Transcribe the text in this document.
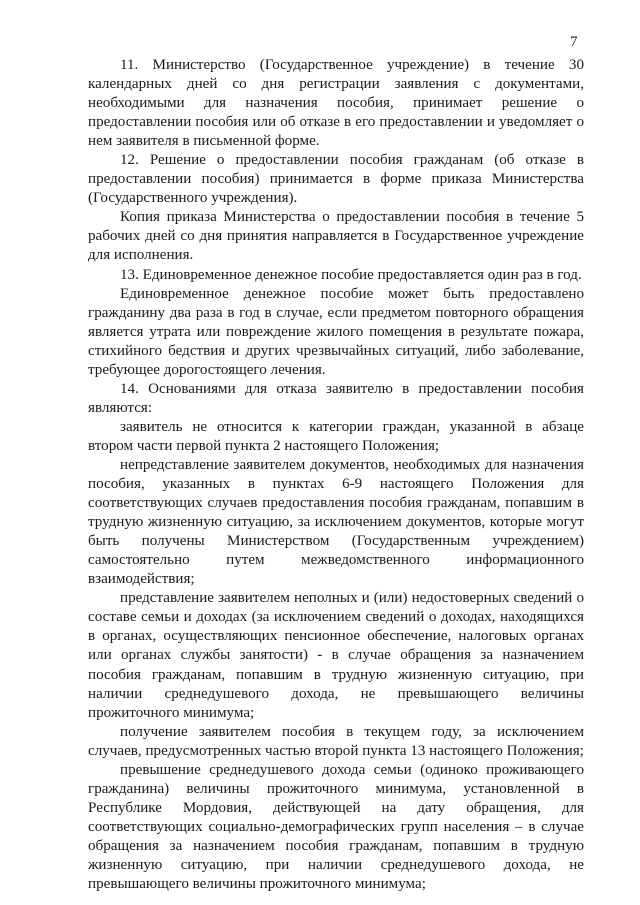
7

11. Министерство (Государственное учреждение) в течение 30 календарных дней со дня регистрации заявления с документами, необходимыми для назначения пособия, принимает решение о предоставлении пособия или об отказе в его предоставлении и уведомляет о нем заявителя в письменной форме.

12. Решение о предоставлении пособия гражданам (об отказе в предоставлении пособия) принимается в форме приказа Министерства (Государственного учреждения).

Копия приказа Министерства о предоставлении пособия в течение 5 рабочих дней со дня принятия направляется в Государственное учреждение для исполнения.

13. Единовременное денежное пособие предоставляется один раз в год.

Единовременное денежное пособие может быть предоставлено гражданину два раза в год в случае, если предметом повторного обращения является утрата или повреждение жилого помещения в результате пожара, стихийного бедствия и других чрезвычайных ситуаций, либо заболевание, требующее дорогостоящего лечения.

14. Основаниями для отказа заявителю в предоставлении пособия являются:

заявитель не относится к категории граждан, указанной в абзаце втором части первой пункта 2 настоящего Положения;

непредставление заявителем документов, необходимых для назначения пособия, указанных в пунктах 6-9 настоящего Положения для соответствующих случаев предоставления пособия гражданам, попавшим в трудную жизненную ситуацию, за исключением документов, которые могут быть получены Министерством (Государственным учреждением) самостоятельно путем межведомственного информационного взаимодействия;

представление заявителем неполных и (или) недостоверных сведений о составе семьи и доходах (за исключением сведений о доходах, находящихся в органах, осуществляющих пенсионное обеспечение, налоговых органах или органах службы занятости) - в случае обращения за назначением пособия гражданам, попавшим в трудную жизненную ситуацию, при наличии среднедушевого дохода, не превышающего величины прожиточного минимума;

получение заявителем пособия в текущем году, за исключением случаев, предусмотренных частью второй пункта 13 настоящего Положения;

превышение среднедушевого дохода семьи (одиноко проживающего гражданина) величины прожиточного минимума, установленной в Республике Мордовия, действующей на дату обращения, для соответствующих социально-демографических групп населения – в случае обращения за назначением пособия гражданам, попавшим в трудную жизненную ситуацию, при наличии среднедушевого дохода, не превышающего величины прожиточного минимума;
